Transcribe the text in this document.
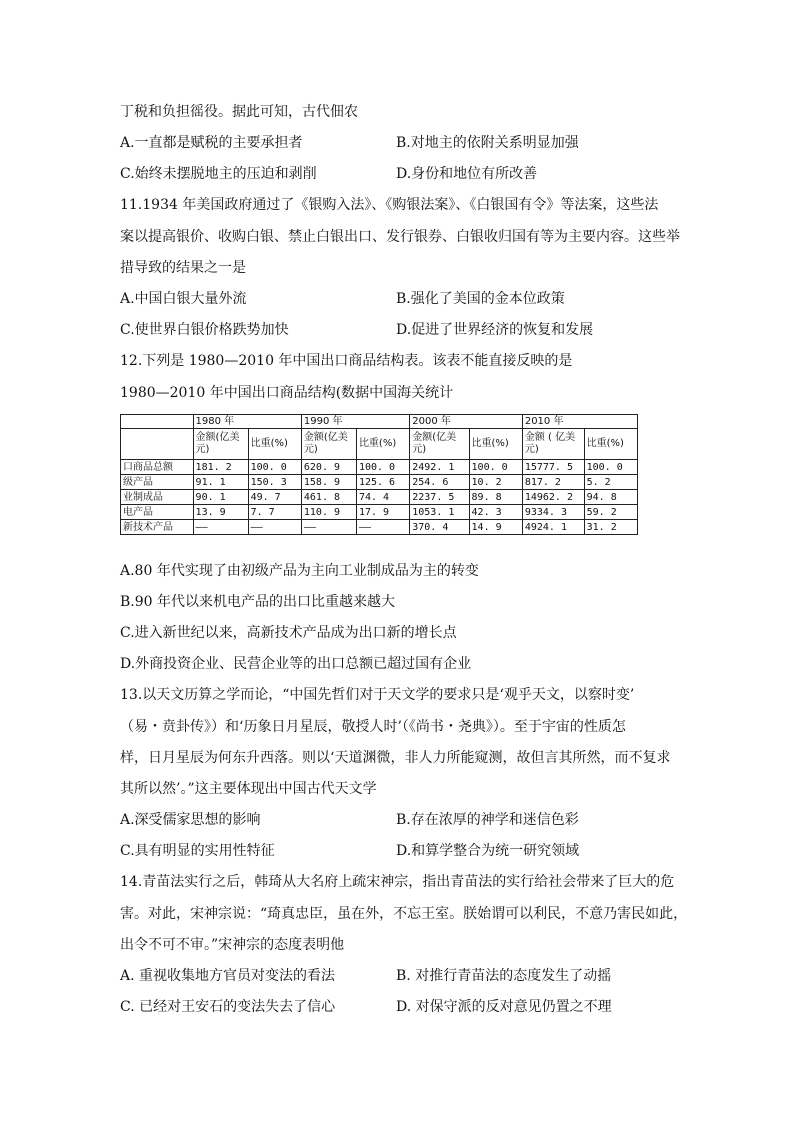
丁税和负担徭役。据此可知，古代佃农
A.一直都是赋税的主要承担者	B.对地主的依附关系明显加强
C.始终未摆脱地主的压迫和剥削	D.身份和地位有所改善
11.1934 年美国政府通过了《银购入法》、《购银法案》、《白银国有令》等法案，这些法
案以提高银价、收购白银、禁止白银出口、发行银券、白银收归国有等为主要内容。这些举
措导致的结果之一是
A.中国白银大量外流	B.强化了美国的金本位政策
C.使世界白银价格跌势加快	D.促进了世界经济的恢复和发展
12.下列是 1980—2010 年中国出口商品结构表。该表不能直接反映的是
1980—2010 年中国出口商品结构(数据中国海关统计
	1980 年		1990 年		2000 年		2010 年	
	金额(亿美元)	比重(%)	金额(亿美元)	比重(%)	金额(亿美元)	比重(%)	金额 ( 亿美元)	比重(%)
口商品总额	181. 2	100. 0	620. 9	100. 0	2492. 1	100. 0	15777. 5	100. 0
级产品	91. 1	150. 3	158. 9	125. 6	254. 6	10. 2	817. 2	5. 2
业制成品	90. 1	49. 7	461. 8	74. 4	2237. 5	89. 8	14962. 2	94. 8
电产品	13. 9	7. 7	110. 9	17. 9	1053. 1	42. 3	9334. 3	59. 2
新技术产品	——	——	——	——	370. 4	14. 9	4924. 1	31. 2
A.80 年代实现了由初级产品为主向工业制成品为主的转变
B.90 年代以来机电产品的出口比重越来越大
C.进入新世纪以来，高新技术产品成为出口新的增长点
D.外商投资企业、民营企业等的出口总额已超过国有企业
13.以天文历算之学而论，“中国先哲们对于天文学的要求只是‘观乎天文，以察时变’
（易・贲卦传》）和‘历象日月星辰，敬授人时’（《尚书・尧典》）。至于宇宙的性质怎
样，日月星辰为何东升西落。则以‘天道渊微，非人力所能窥测，故但言其所然，而不复求
其所以然’。”这主要体现出中国古代天文学
A.深受儒家思想的影响	B.存在浓厚的神学和迷信色彩
C.具有明显的实用性特征	D.和算学整合为统一研究领域
14.青苗法实行之后，韩琦从大名府上疏宋神宗，指出青苗法的实行给社会带来了巨大的危
害。对此，宋神宗说：“琦真忠臣，虽在外，不忘王室。朕始谓可以利民，不意乃害民如此，
出令不可不审。”宋神宗的态度表明他
A. 重视收集地方官员对变法的看法	B. 对推行青苗法的态度发生了动摇
C. 已经对王安石的变法失去了信心	D. 对保守派的反对意见仍置之不理
